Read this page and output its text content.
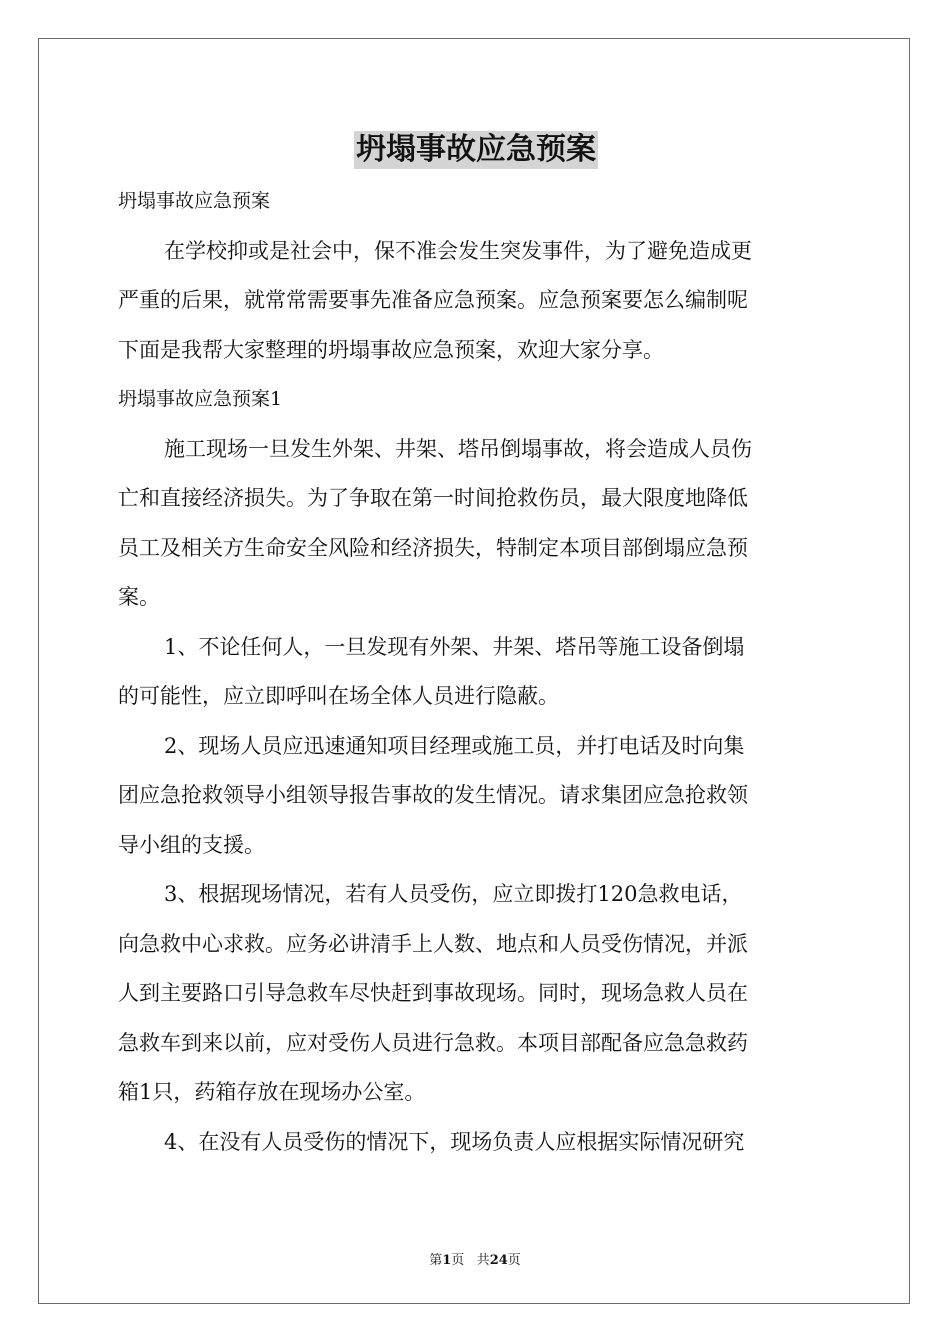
坍塌事故应急预案

坍塌事故应急预案

在学校抑或是社会中，保不准会发生突发事件，为了避免造成更

严重的后果，就常常需要事先准备应急预案。应急预案要怎么编制呢

下面是我帮大家整理的坍塌事故应急预案，欢迎大家分享。

坍塌事故应急预案1

施工现场一旦发生外架、井架、塔吊倒塌事故，将会造成人员伤

亡和直接经济损失。为了争取在第一时间抢救伤员，最大限度地降低

员工及相关方生命安全风险和经济损失，特制定本项目部倒塌应急预

案。

1、不论任何人，一旦发现有外架、井架、塔吊等施工设备倒塌

的可能性，应立即呼叫在场全体人员进行隐蔽。

2、现场人员应迅速通知项目经理或施工员，并打电话及时向集

团应急抢救领导小组领导报告事故的发生情况。请求集团应急抢救领

导小组的支援。

3、根据现场情况，若有人员受伤，应立即拨打120急救电话，

向急救中心求救。应务必讲清手上人数、地点和人员受伤情况，并派

人到主要路口引导急救车尽快赶到事故现场。同时，现场急救人员在

急救车到来以前，应对受伤人员进行急救。本项目部配备应急急救药

箱1只，药箱存放在现场办公室。

4、在没有人员受伤的情况下，现场负责人应根据实际情况研究

第1页 共24页
